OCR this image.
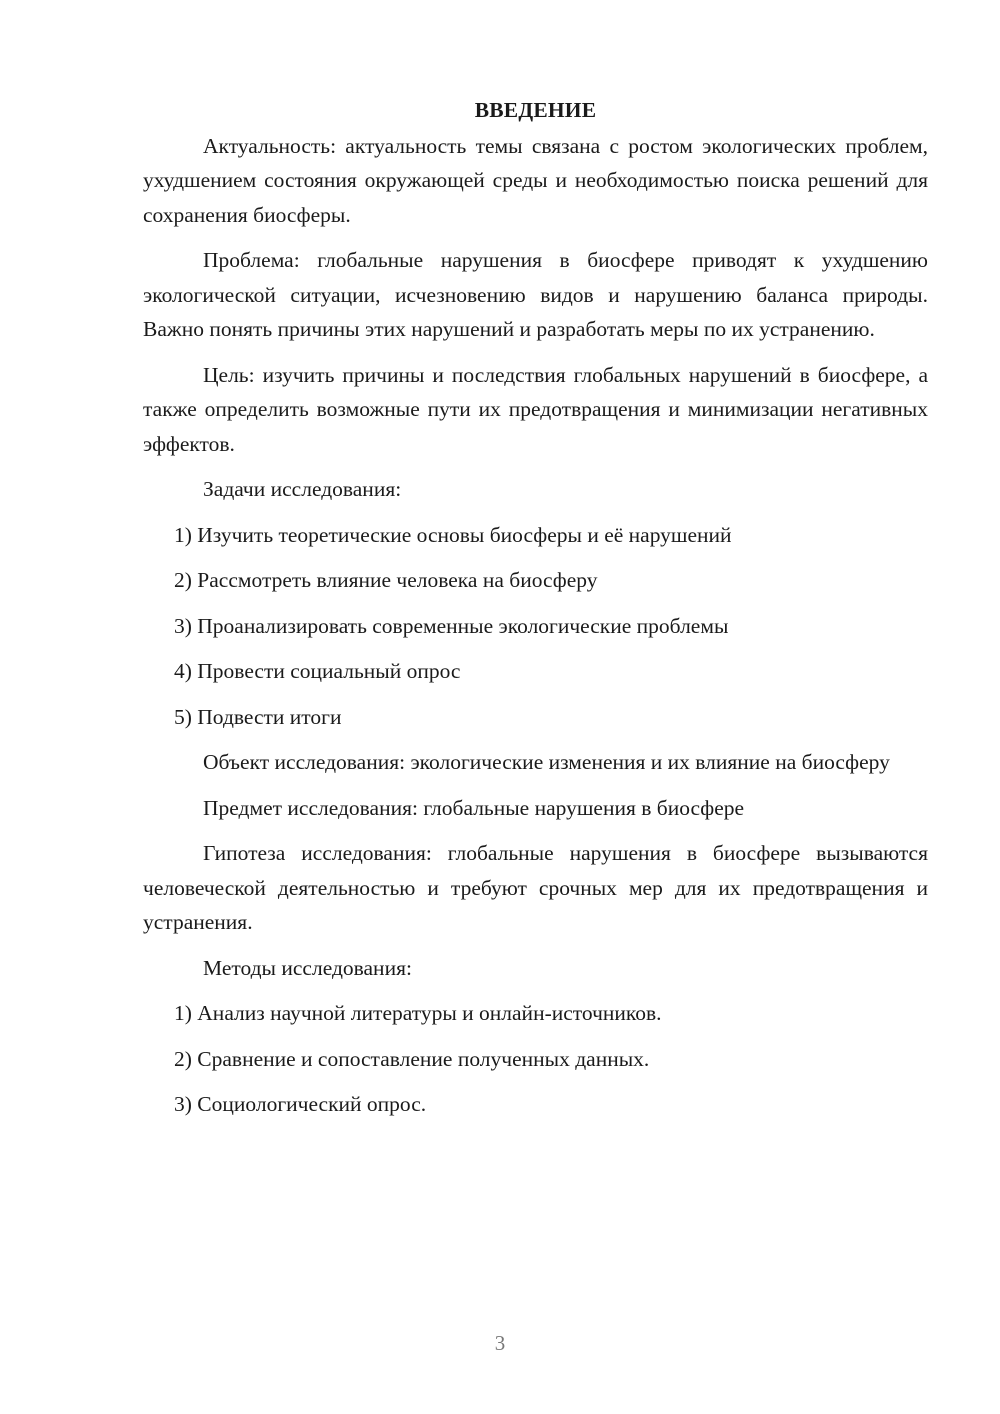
ВВЕДЕНИЕ

Актуальность: актуальность темы связана с ростом экологических проблем, ухудшением состояния окружающей среды и необходимостью поиска решений для сохранения биосферы.

Проблема: глобальные нарушения в биосфере приводят к ухудшению экологической ситуации, исчезновению видов и нарушению баланса природы. Важно понять причины этих нарушений и разработать меры по их устранению.

Цель: изучить причины и последствия глобальных нарушений в биосфере, а также определить возможные пути их предотвращения и минимизации негативных эффектов.

Задачи исследования:

1) Изучить теоретические основы биосферы и её нарушений
2) Рассмотреть влияние человека на биосферу
3) Проанализировать современные экологические проблемы
4) Провести социальный опрос
5) Подвести итоги

Объект исследования: экологические изменения и их влияние на биосферу

Предмет исследования: глобальные нарушения в биосфере

Гипотеза исследования: глобальные нарушения в биосфере вызываются человеческой деятельностью и требуют срочных мер для их предотвращения и устранения.

Методы исследования:

1) Анализ научной литературы и онлайн-источников.
2) Сравнение и сопоставление полученных данных.
3) Социологический опрос.
3
